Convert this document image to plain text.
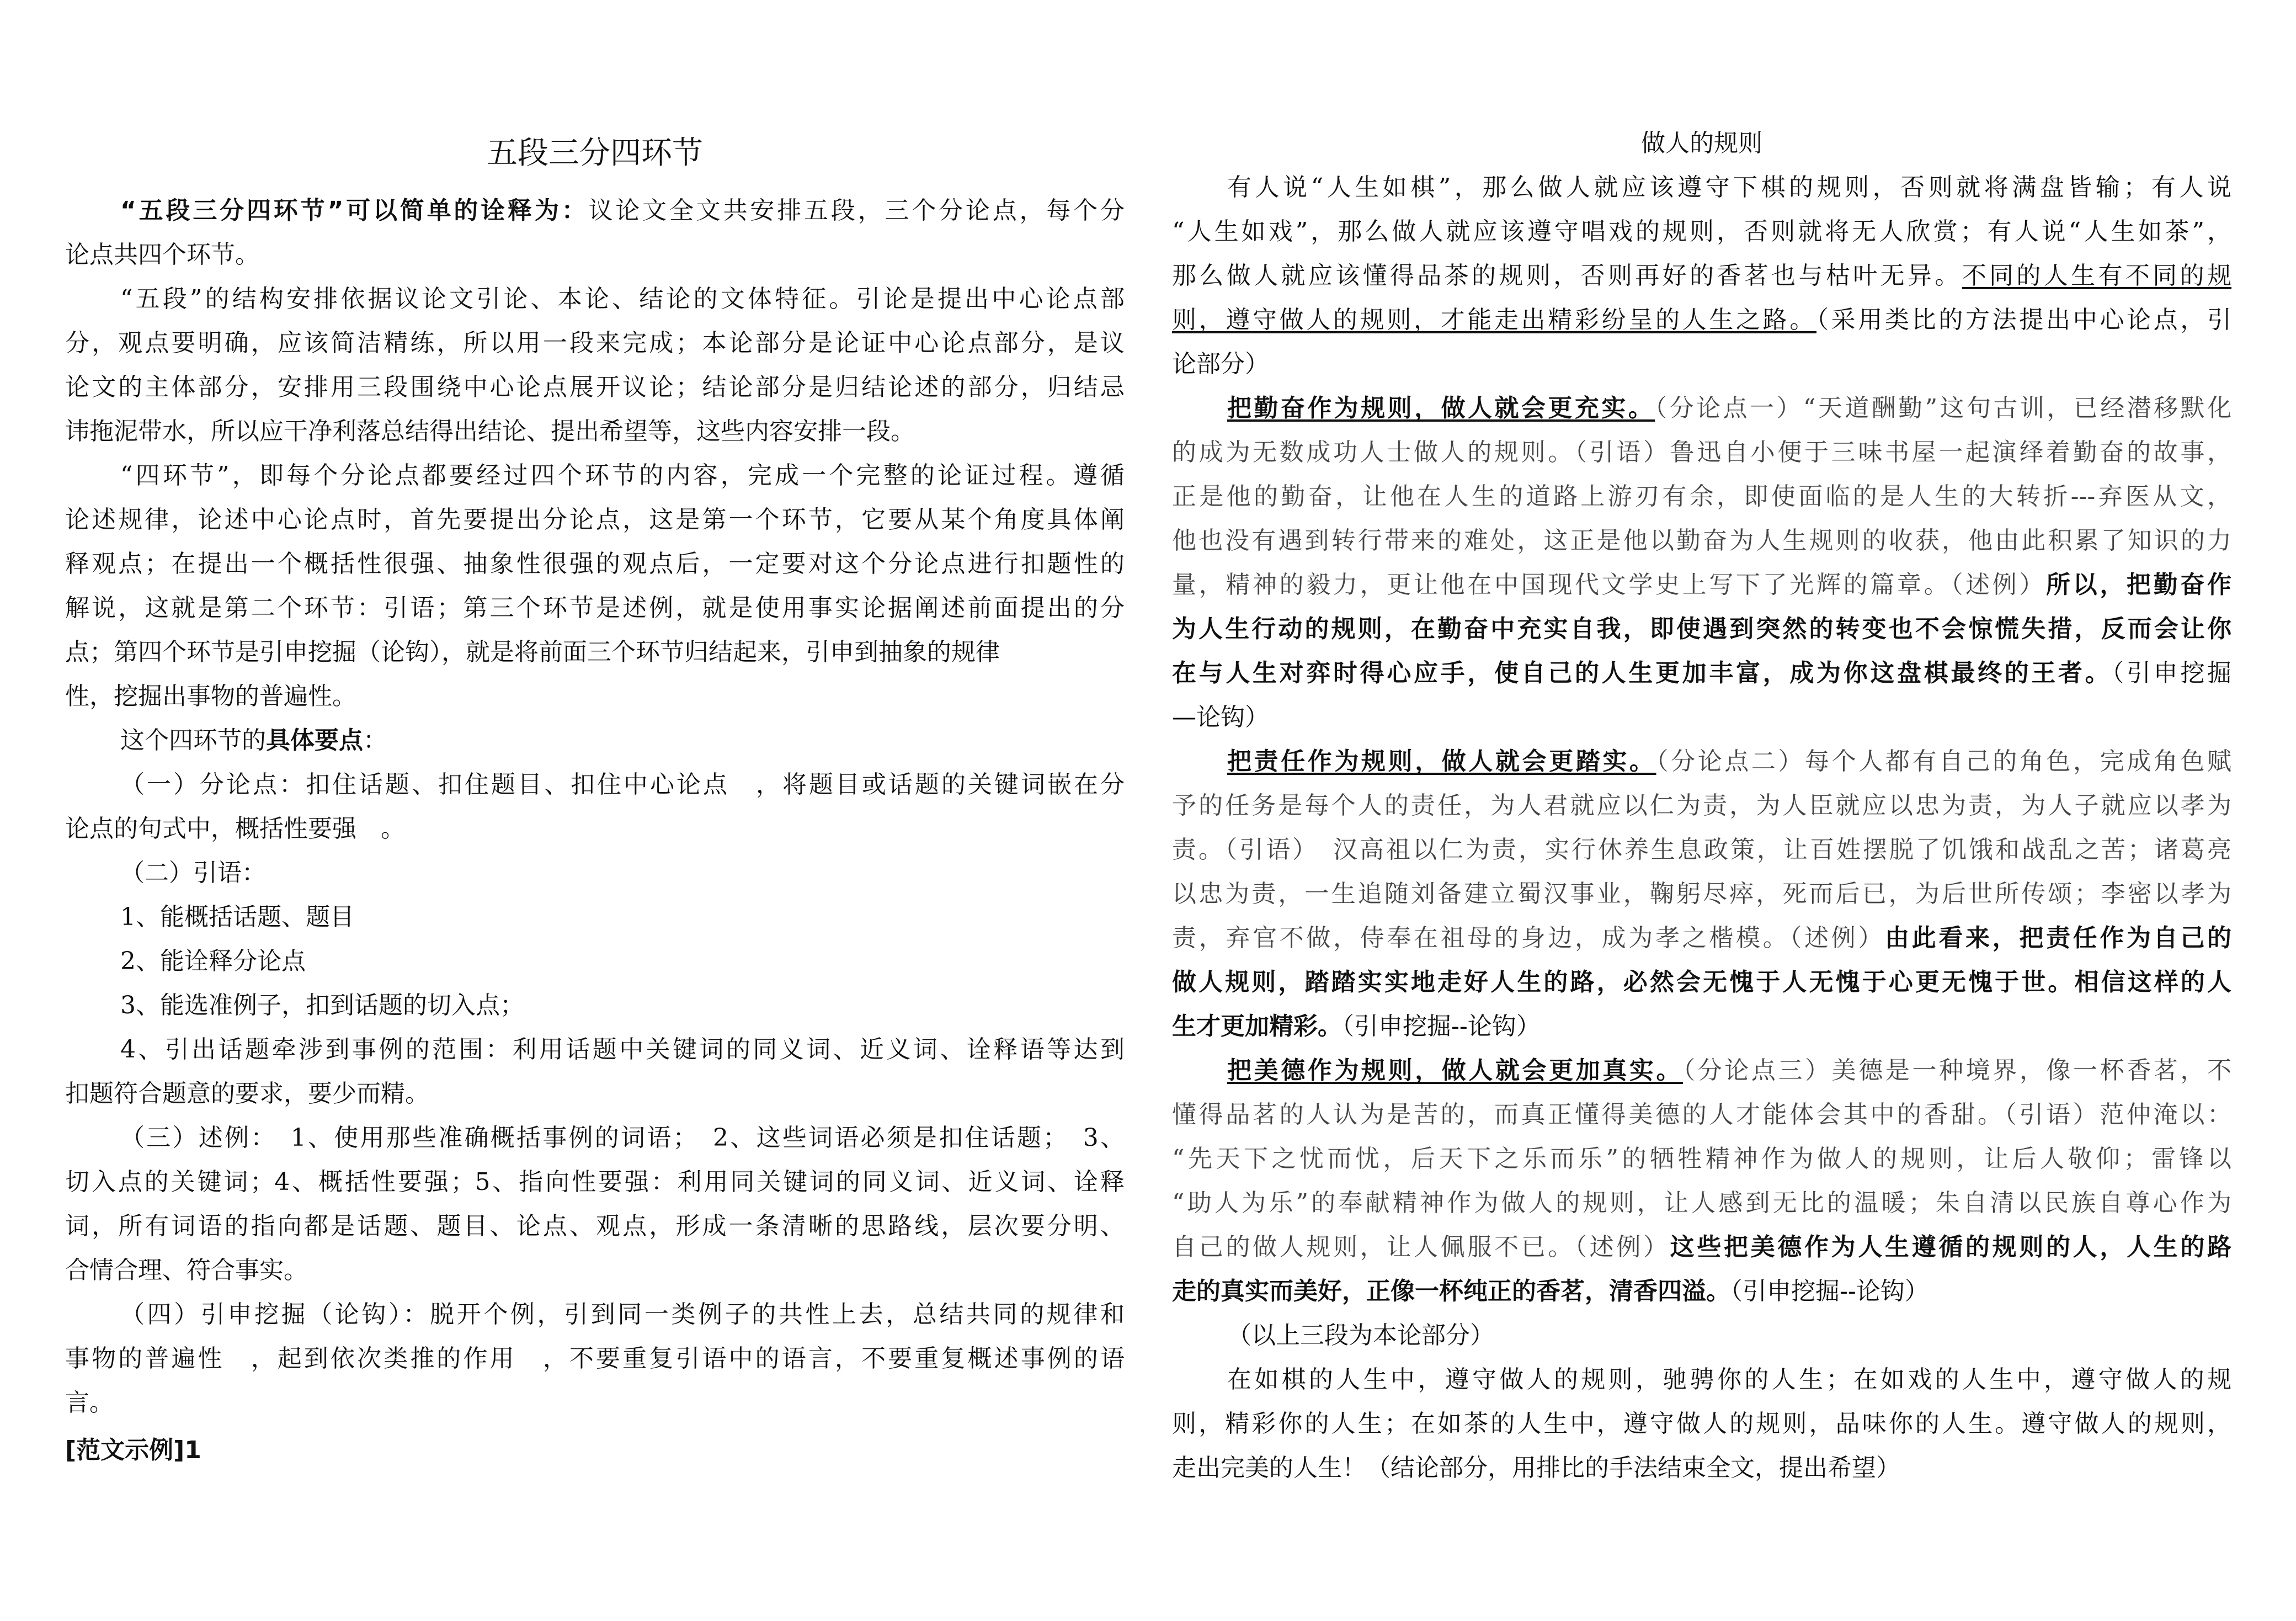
五段三分四环节
“五段三分四环节”可以简单的诠释为：议论文全文共安排五段，三个分论点，每个分
论点共四个环节。
“五段”的结构安排依据议论文引论、本论、结论的文体特征。引论是提出中心论点部
分，观点要明确，应该简洁精练，所以用一段来完成；本论部分是论证中心论点部分，是议
论文的主体部分，安排用三段围绕中心论点展开议论；结论部分是归结论述的部分，归结忌
讳拖泥带水，所以应干净利落总结得出结论、提出希望等，这些内容安排一段。
“四环节”，即每个分论点都要经过四个环节的内容，完成一个完整的论证过程。遵循
论述规律，论述中心论点时，首先要提出分论点，这是第一个环节，它要从某个角度具体阐
释观点；在提出一个概括性很强、抽象性很强的观点后，一定要对这个分论点进行扣题性的
解说，这就是第二个环节：引语；第三个环节是述例，就是使用事实论据阐述前面提出的分
点；第四个环节是引申挖掘（论钩），就是将前面三个环节归结起来，引申到抽象的规律
性，挖掘出事物的普遍性。
这个四环节的具体要点：
（一）分论点：扣住话题、扣住题目、扣住中心论点　，将题目或话题的关键词嵌在分
论点的句式中，概括性要强　。
（二）引语：
1、能概括话题、题目
2、能诠释分论点
3、能选准例子，扣到话题的切入点；
4、引出话题牵涉到事例的范围：利用话题中关键词的同义词、近义词、诠释语等达到
扣题符合题意的要求，要少而精。
（三）述例：　1、使用那些准确概括事例的词语；　2、这些词语必须是扣住话题；　3、
切入点的关键词；4、概括性要强；5、指向性要强：利用同关键词的同义词、近义词、诠释
词，所有词语的指向都是话题、题目、论点、观点，形成一条清晰的思路线，层次要分明、
合情合理、符合事实。
（四）引申挖掘（论钩）：脱开个例，引到同一类例子的共性上去，总结共同的规律和
事物的普遍性　，起到依次类推的作用　，不要重复引语中的语言，不要重复概述事例的语
言。
[范文示例]1
做人的规则
有人说“人生如棋”，那么做人就应该遵守下棋的规则，否则就将满盘皆输；有人说
“人生如戏”，那么做人就应该遵守唱戏的规则，否则就将无人欣赏；有人说“人生如茶”，
那么做人就应该懂得品茶的规则，否则再好的香茗也与枯叶无异。不同的人生有不同的规
则，遵守做人的规则，才能走出精彩纷呈的人生之路。（采用类比的方法提出中心论点，引
论部分）
把勤奋作为规则，做人就会更充实。（分论点一）“天道酬勤”这句古训，已经潜移默化
的成为无数成功人士做人的规则。（引语）鲁迅自小便于三味书屋一起演绎着勤奋的故事，
正是他的勤奋，让他在人生的道路上游刃有余，即使面临的是人生的大转折---弃医从文，
他也没有遇到转行带来的难处，这正是他以勤奋为人生规则的收获，他由此积累了知识的力
量，精神的毅力，更让他在中国现代文学史上写下了光辉的篇章。（述例）所以，把勤奋作
为人生行动的规则，在勤奋中充实自我，即使遇到突然的转变也不会惊慌失措，反而会让你
在与人生对弈时得心应手，使自己的人生更加丰富，成为你这盘棋最终的王者。（引申挖掘
—论钩）
把责任作为规则，做人就会更踏实。（分论点二）每个人都有自己的角色，完成角色赋
予的任务是每个人的责任，为人君就应以仁为责，为人臣就应以忠为责，为人子就应以孝为
责。（引语）　汉高祖以仁为责，实行休养生息政策，让百姓摆脱了饥饿和战乱之苦；诸葛亮
以忠为责，一生追随刘备建立蜀汉事业，鞠躬尽瘁，死而后已，为后世所传颂；李密以孝为
责，弃官不做，侍奉在祖母的身边，成为孝之楷模。（述例）由此看来，把责任作为自己的
做人规则，踏踏实实地走好人生的路，必然会无愧于人无愧于心更无愧于世。相信这样的人
生才更加精彩。（引申挖掘--论钩）
把美德作为规则，做人就会更加真实。（分论点三）美德是一种境界，像一杯香茗，不
懂得品茗的人认为是苦的，而真正懂得美德的人才能体会其中的香甜。（引语）范仲淹以：
“先天下之忧而忧，后天下之乐而乐”的牺牲精神作为做人的规则，让后人敬仰；雷锋以
“助人为乐”的奉献精神作为做人的规则，让人感到无比的温暖；朱自清以民族自尊心作为
自己的做人规则，让人佩服不已。（述例）这些把美德作为人生遵循的规则的人，人生的路
走的真实而美好，正像一杯纯正的香茗，清香四溢。（引申挖掘--论钩）
（以上三段为本论部分）
在如棋的人生中，遵守做人的规则，驰骋你的人生；在如戏的人生中，遵守做人的规
则，精彩你的人生；在如茶的人生中，遵守做人的规则，品味你的人生。遵守做人的规则，
走出完美的人生！（结论部分，用排比的手法结束全文，提出希望）
